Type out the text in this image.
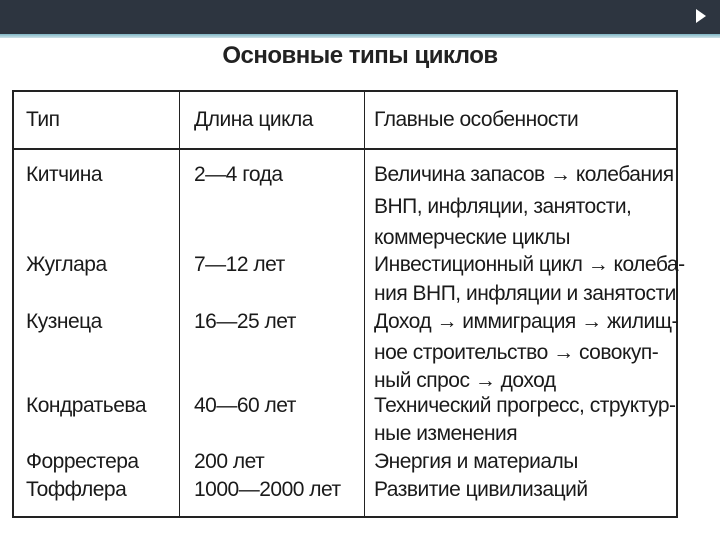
Основные типы циклов
Тип	Длина цикла	Главные особенности
Китчина	2—4 года	Величина запасов → колебания
ВНП, инфляции, занятости,
коммерческие циклы
Жуглара	7—12 лет	Инвестиционный цикл → колеба-
ния ВНП, инфляции и занятости
Кузнеца	16—25 лет	Доход → иммиграция → жилищ-
ное строительство → совокуп-
ный спрос → доход
Кондратьева 40—60 лет	Технический прогресс, структур-
ные изменения
Форрестера	200 лет	Энергия и материалы
Тоффлера	1000—2000 лет Развитие цивилизаций
